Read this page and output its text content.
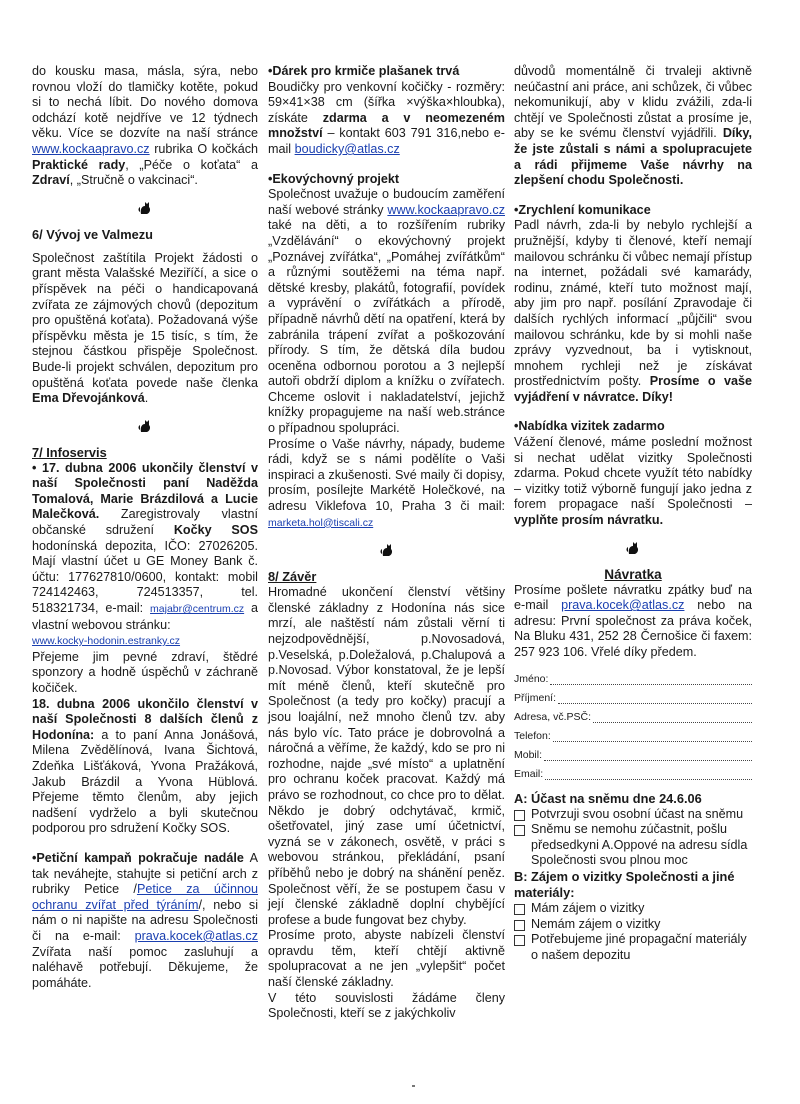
do kousku masa, másla, sýra, nebo rovnou vloží do tlamičky kotěte, pokud si to nechá líbit. Do nového domova odchází kotě nejdříve ve 12 týdnech věku. Více se dozvíte na naší stránce www.kockaapravo.cz rubrika O kočkách Praktické rady, „Péče o koťata“ a Zdraví, „Stručně o vakcinaci“.

6/ Vývoj ve Valmezu

Společnost zaštítila Projekt žádosti o grant města Valašské Meziříčí, a sice o příspěvek na péči o handicapovaná zvířata ze zájmových chovů (depozitum pro opuštěná koťata). Požadovaná výše příspěvku města je 15 tisíc, s tím, že stejnou částkou přispěje Společnost. Bude-li projekt schválen, depozitum pro opuštěná koťata povede naše členka Ema Dřevojánková.

7/ Infoservis

• 17. dubna 2006 ukončily členství v naší Společnosti paní Naděžda Tomalová, Marie Brázdilová a Lucie Malečková. Zaregistrovaly vlastní občanské sdružení Kočky SOS hodonínská depozita, IČO: 27026205. Mají vlastní účet u GE Money Bank č. účtu: 177627810/0600, kontakt: mobil 724142463, 724513357, tel. 518321734, e-mail: majabr@centrum.cz a vlastní webovou stránku:
www.kocky-hodonin.estranky.cz
Přejeme jim pevné zdraví, štědré sponzory a hodně úspěchů v záchraně kočiček.

18. dubna 2006 ukončilo členství v naší Společnosti 8 dalších členů z Hodonína: a to paní Anna Jonášová, Milena Zvědělínová, Ivana Šichtová, Zdeňka Lišťáková, Yvona Pražáková, Jakub Brázdil a Yvona Hüblová. Přejeme těmto členům, aby jejich nadšení vydrželo a byli skutečnou podporou pro sdružení Kočky SOS.

•Petiční kampaň pokračuje nadále A tak neváhejte, stahujte si petiční arch z rubriky Petice /Petice za účinnou ochranu zvířat před týráním/, nebo si nám o ni napište na adresu Společnosti či na e-mail: prava.kocek@atlas.cz Zvířata naší pomoc zasluhují a naléhavě potřebují. Děkujeme, že pomáháte.

•Dárek pro krmiče plašanek trvá
Boudičky pro venkovní kočičky - rozměry: 59×41×38 cm (šířka ×výška×hloubka), získáte zdarma a v neomezeném množství – kontakt 603 791 316,nebo e-mail boudicky@atlas.cz

•Ekovýchovný projekt
Společnost uvažuje o budoucím zaměření naší webové stránky www.kockaapravo.cz také na děti, a to rozšířením rubriky „Vzdělávání“ o ekovýchovný projekt „Poznávej zvířátka“, „Pomáhej zvířátkům“ a různými soutěžemi na téma např. dětské kresby, plakátů, fotografií, povídek a vyprávění o zvířátkách a přírodě, případně návrhů dětí na opatření, která by zabránila trápení zvířat a poškozování přírody. S tím, že dětská díla budou oceněna odbornou porotou a 3 nejlepší autoři obdrží diplom a knížku o zvířatech. Chceme oslovit i nakladatelství, jejichž knížky propagujeme na naší web.stránce o případnou spolupráci.

Prosíme o Vaše návrhy, nápady, budeme rádi, když se s námi podělíte o Vaši inspiraci a zkušenosti. Své maily či dopisy, prosím, posílejte Markétě Holečkové, na adresu Viklefova 10, Praha 3 či mail: marketa.hol@tiscali.cz

8/ Závěr

Hromadné ukončení členství většiny členské základny z Hodonína nás sice mrzí, ale naštěstí nám zůstali věrní ti nejzodpovědnější, p.Novosadová, p.Veselská, p.Doležalová, p.Chalupová a p.Novosad. Výbor konstatoval, že je lepší mít méně členů, kteří skutečně pro Společnost (a tedy pro kočky) pracují a jsou loajální, než mnoho členů tzv. aby nás bylo víc. Tato práce je dobrovolná a náročná a věříme, že každý, kdo se pro ni rozhodne, najde „své místo“ a uplatnění pro ochranu koček pracovat. Každý má právo se rozhodnout, co chce pro to dělat. Někdo je dobrý odchytávač, krmič, ošetřovatel, jiný zase umí účetnictví, vyzná se v zákonech, osvětě, v práci s webovou stránkou, překládání, psaní příběhů nebo je dobrý na shánění peněz. Společnost věří, že se postupem času v její členské základně doplní chybějící profese a bude fungovat bez chyby.

Prosíme proto, abyste nabízeli členství opravdu těm, kteří chtějí aktivně spolupracovat a ne jen „vylepšit“ počet naší členské základny.

V této souvislosti žádáme členy Společnosti, kteří se z jakýchkoliv

důvodů momentálně či trvaleji aktivně neúčastní ani práce, ani schůzek, či vůbec nekomunikují, aby v klidu zvážili, zda-li chtějí ve Společnosti zůstat a prosíme je, aby se ke svému členství vyjádřili. Díky, že jste zůstali s námi a spolupracujete a rádi přijmeme Vaše návrhy na zlepšení chodu Společnosti.

•Zrychlení komunikace
Padl návrh, zda-li by nebylo rychlejší a pružnější, kdyby ti členové, kteří nemají mailovou schránku či vůbec nemají přístup na internet, požádali své kamarády, rodinu, známé, kteří tuto možnost mají, aby jim pro např. posílání Zpravodaje či dalších rychlých informací „půjčili“ svou mailovou schránku, kde by si mohli naše zprávy vyzvednout, ba i vytisknout, mnohem rychleji než je získávat prostřednictvím pošty. Prosíme o vaše vyjádření v návratce. Díky!

•Nabídka vizitek zadarmo
Vážení členové, máme poslední možnost si nechat udělat vizitky Společnosti zdarma. Pokud chcete využít této nabídky – vizitky totiž výborně fungují jako jedna z forem propagace naší Společnosti – vyplňte prosím návratku.

Návratka

Prosíme pošlete návratku zpátky buď na e-mail prava.kocek@atlas.cz nebo na adresu: První společnost za práva koček, Na Bluku 431, 252 28 Černošice či faxem: 257 923 106. Vřelé díky předem.

Jméno:
Příjmení:
Adresa, vč.PSČ:
Telefon:
Mobil:
Email:
A: Účast na sněmu dne 24.6.06
Potvrzuji svou osobní účast na sněmu
Sněmu se nemohu zúčastnit, pošlu předsedkyni A.Oppové na adresu sídla Společnosti svou plnou moc
B: Zájem o vizitky Společnosti a jiné materiály:
Mám zájem o vizitky
Nemám zájem o vizitky
Potřebujeme jiné propagační materiály o našem depozitu
